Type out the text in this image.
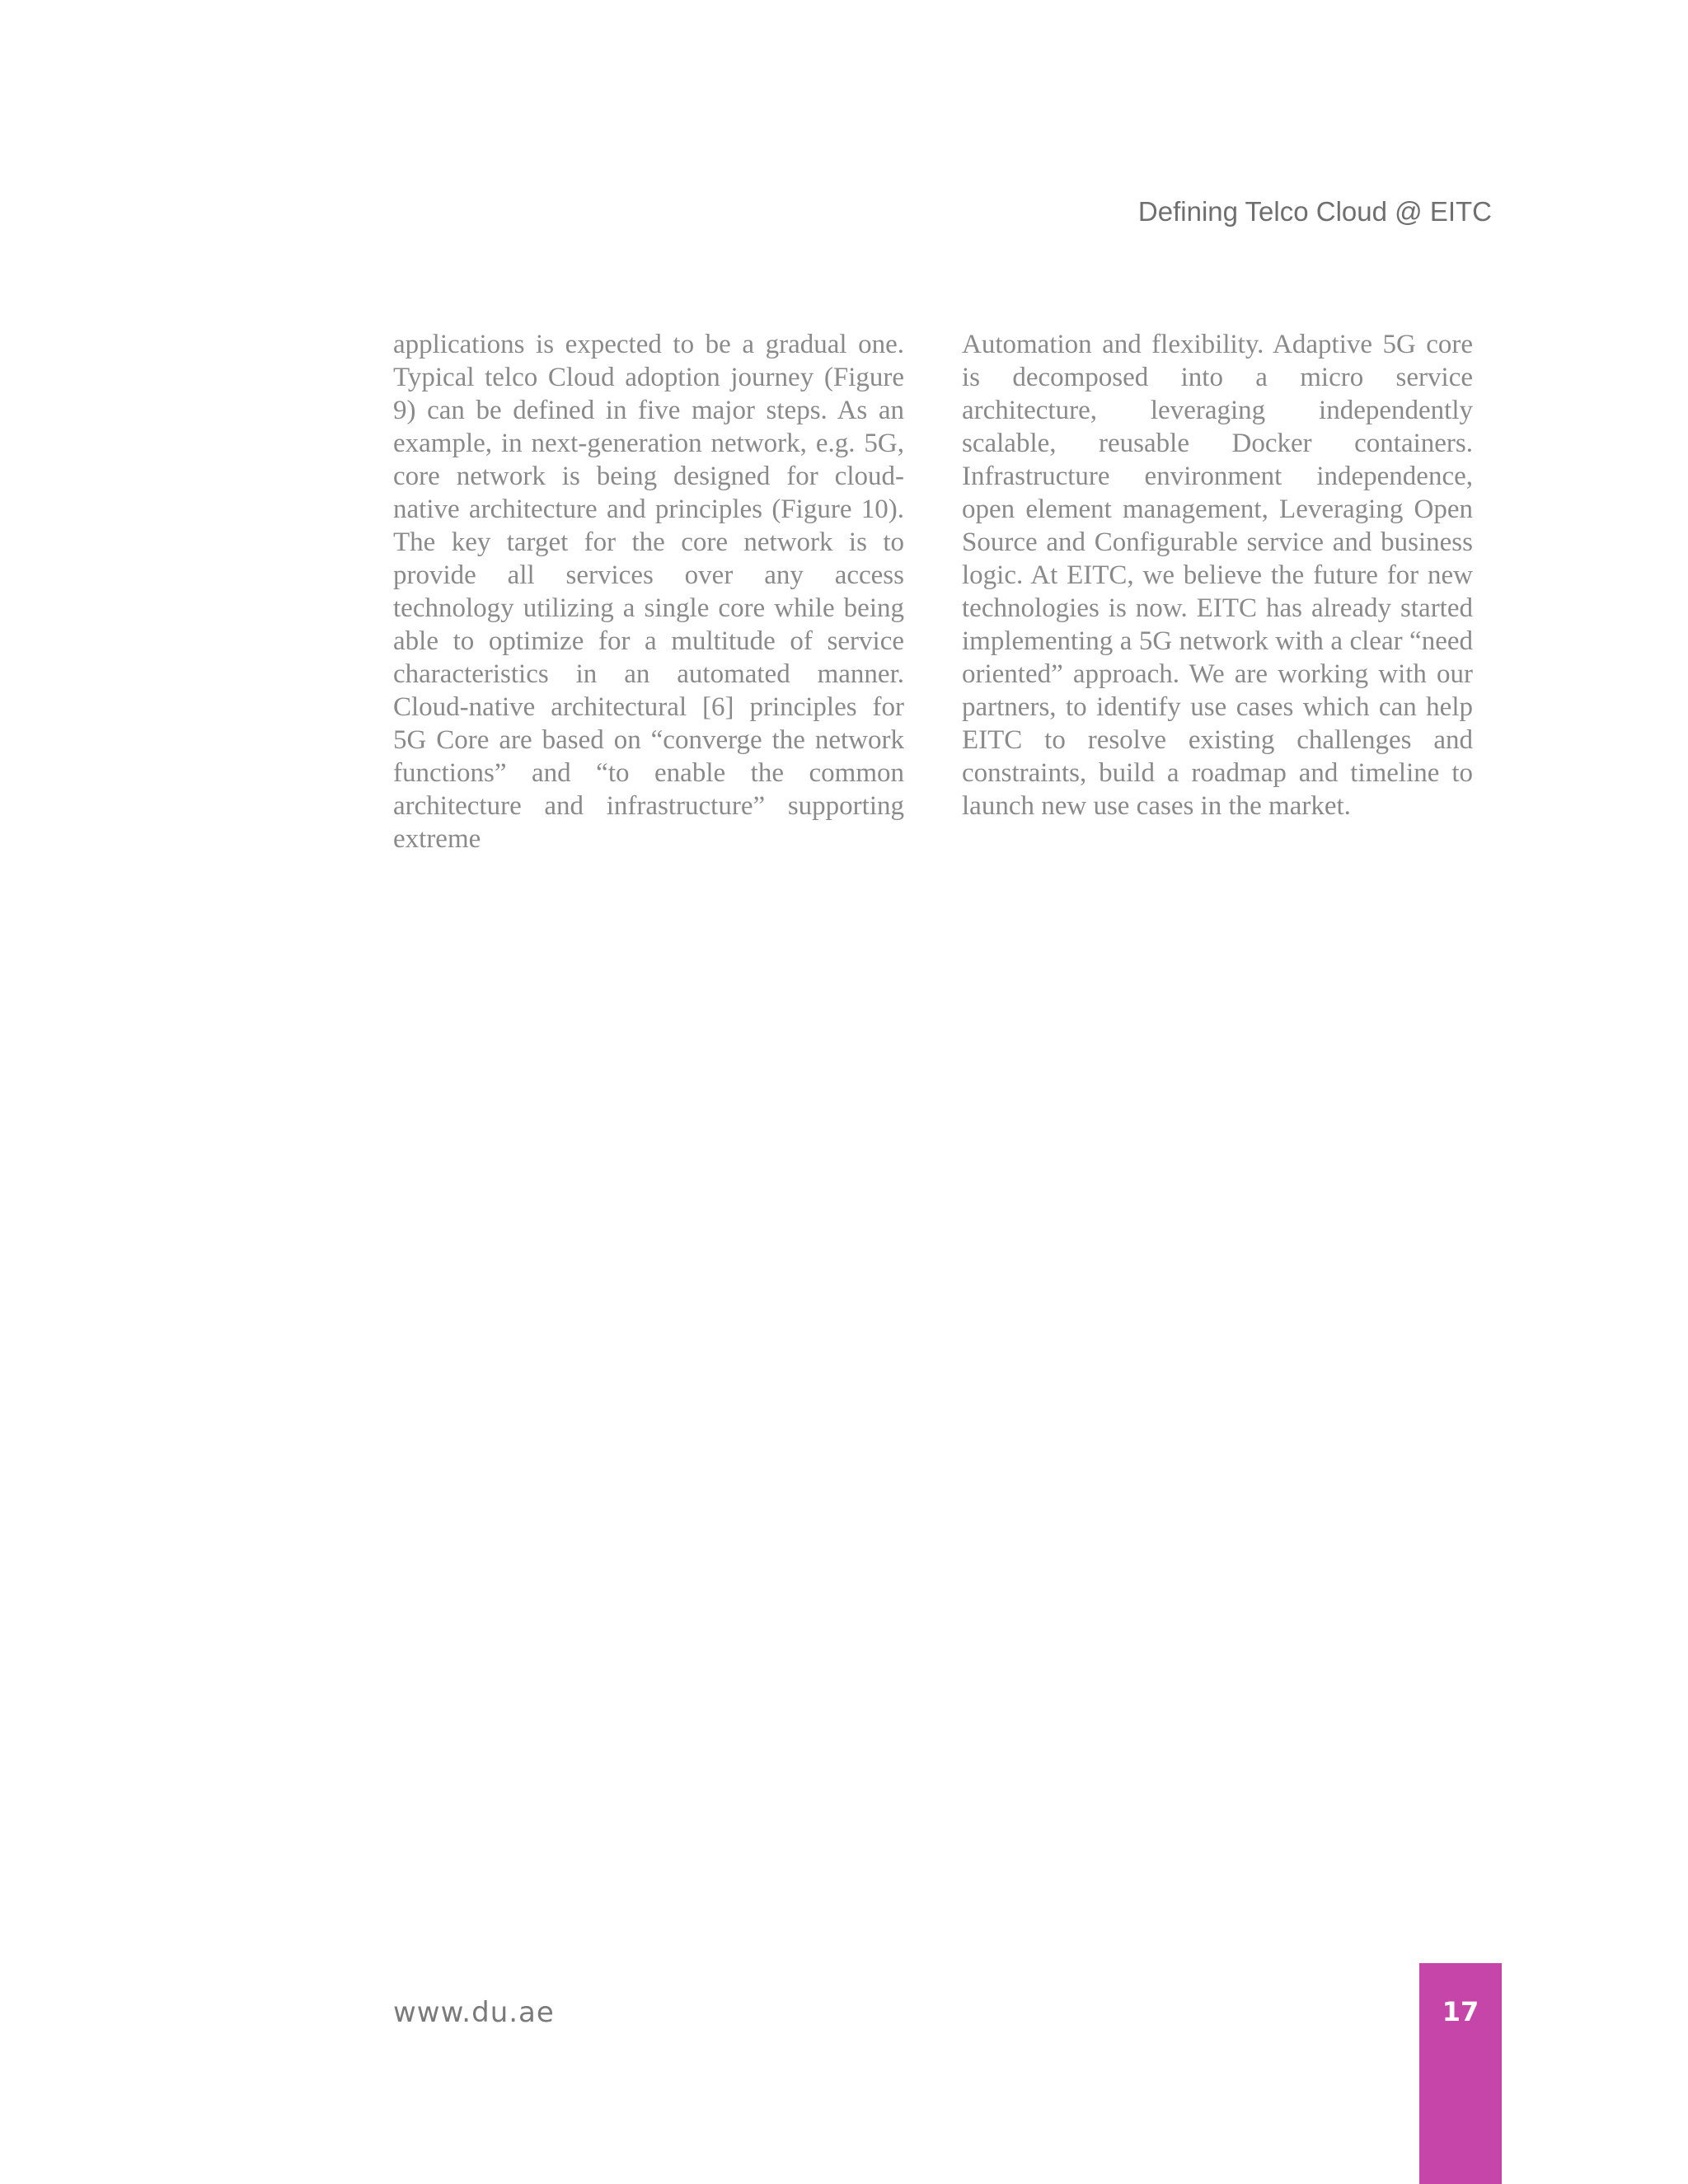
Defining Telco Cloud @ EITC

applications is expected to be a gradual one. Typical telco Cloud adoption journey (Figure 9) can be defined in five major steps. As an example, in next-generation network, e.g. 5G, core network is being designed for cloud-native architecture and principles (Figure 10). The key target for the core network is to provide all services over any access technology utilizing a single core while being able to optimize for a multitude of service characteristics in an automated manner. Cloud-native architectural [6] principles for 5G Core are based on “converge the network functions” and “to enable the common architecture and infrastructure” supporting extreme

Automation and flexibility. Adaptive 5G core is decomposed into a micro service architecture, leveraging independently scalable, reusable Docker containers. Infrastructure environment independence, open element management, Leveraging Open Source and Configurable service and business logic. At EITC, we believe the future for new technologies is now. EITC has already started implementing a 5G network with a clear “need oriented” approach. We are working with our partners, to identify use cases which can help EITC to resolve existing challenges and constraints, build a roadmap and timeline to launch new use cases in the market.

www.du.ae	17
